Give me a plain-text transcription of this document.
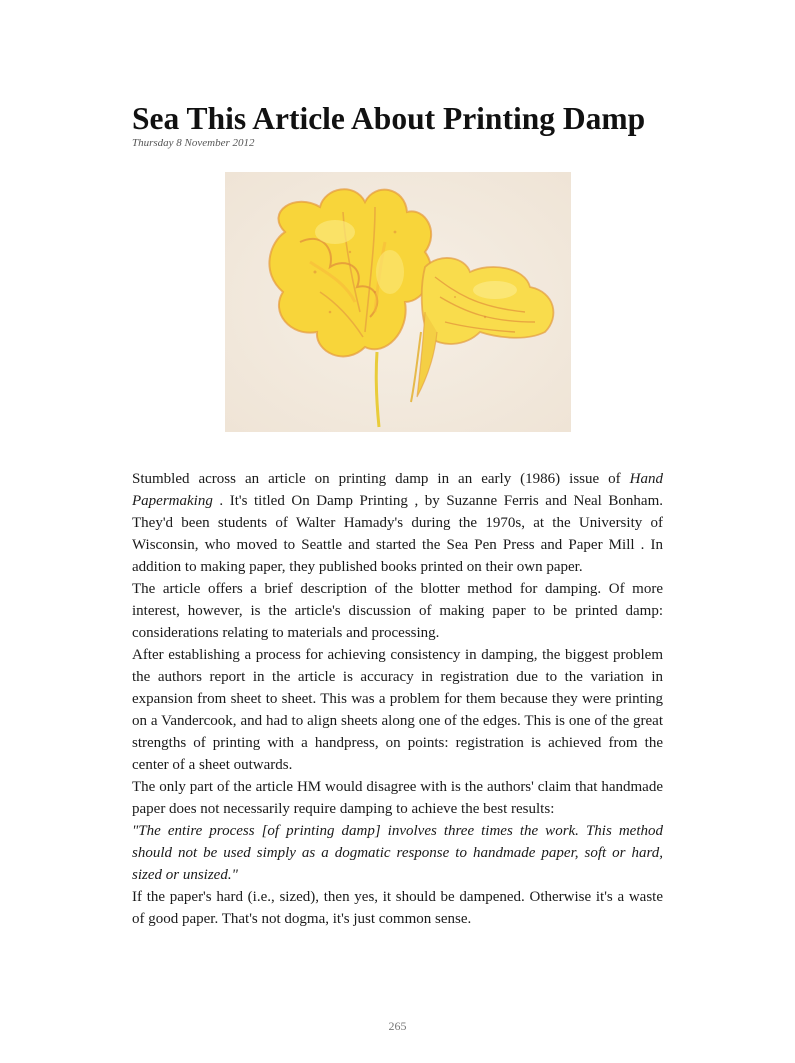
Sea This Article About Printing Damp
Thursday 8 November 2012

Stumbled across an article on printing damp in an early (1986) issue of Hand Papermaking . It's titled On Damp Printing , by Suzanne Ferris and Neal Bonham. They'd been students of Walter Hamady's during the 1970s, at the University of Wisconsin, who moved to Seattle and started the Sea Pen Press and Paper Mill . In addition to making paper, they published books printed on their own paper.

The article offers a brief description of the blotter method for damping. Of more interest, however, is the article's discussion of making paper to be printed damp: considerations relating to materials and processing.

After establishing a process for achieving consistency in damping, the biggest problem the authors report in the article is accuracy in registration due to the variation in expansion from sheet to sheet. This was a problem for them because they were printing on a Vandercook, and had to align sheets along one of the edges. This is one of the great strengths of printing with a handpress, on points: registration is achieved from the center of a sheet outwards.

The only part of the article HM would disagree with is the authors' claim that handmade paper does not necessarily require damping to achieve the best results:

"The entire process [of printing damp] involves three times the work. This method should not be used simply as a dogmatic response to handmade paper, soft or hard, sized or unsized."

If the paper's hard (i.e., sized), then yes, it should be dampened. Otherwise it's a waste of good paper. That's not dogma, it's just common sense.

265
